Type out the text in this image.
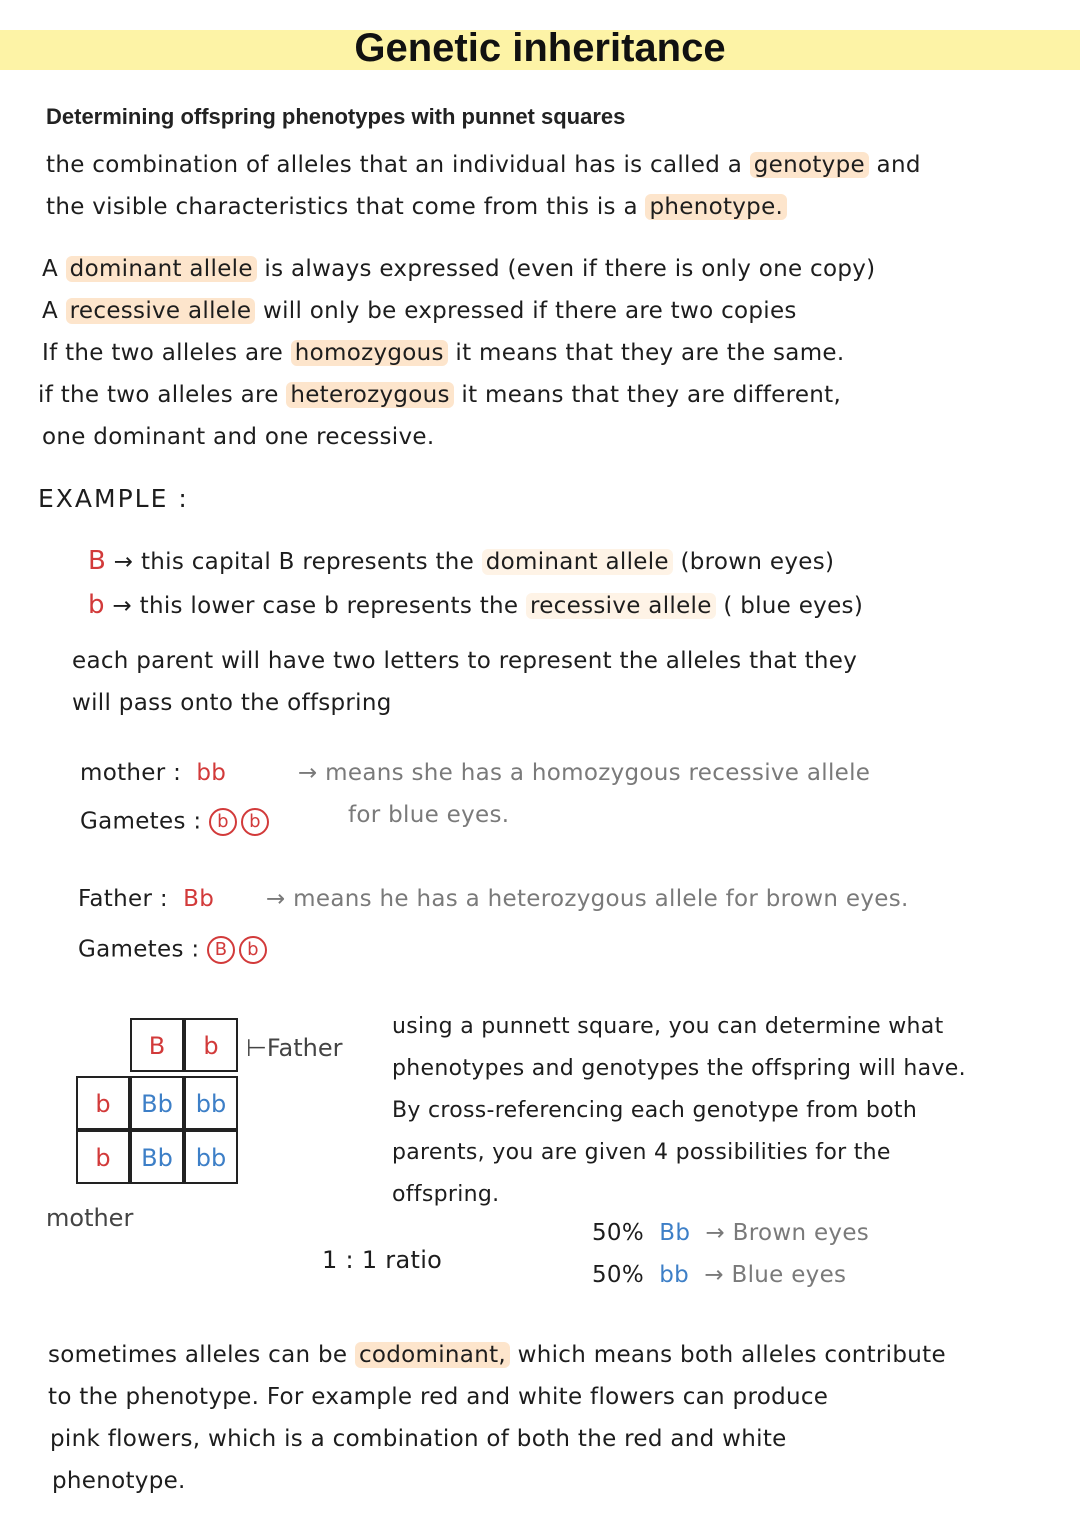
Genetic inheritance
Determining offspring phenotypes with punnet squares
the combination of alleles that an individual has is called a genotype and
the visible characteristics that come from this is a phenotype.
A dominant allele is always expressed (even if there is only one copy)
A recessive allele will only be expressed if there are two copies
If the two alleles are homozygous it means that they are the same.
if the two alleles are heterozygous it means that they are different,
one dominant and one recessive.
EXAMPLE :
B → this capital B represents the dominant allele (brown eyes)
b → this lower case b represents the recessive allele ( blue eyes)
each parent will have two letters to represent the alleles that they
will pass onto the offspring
mother : bb	→ means she has a homozygous recessive allele
for blue eyes.
Gametes : b b
Father : Bb → means he has a heterozygous allele for brown eyes.
Gametes : B b
B	b
b
b
Bb bb
Bb bb
⊢Father
mother
using a punnett square, you can determine what
phenotypes and genotypes the offspring will have.
By cross-referencing each genotype from both
parents, you are given 4 possibilities for the
offspring.
1 : 1 ratio
50% Bb → Brown eyes
50% bb → Blue eyes
sometimes alleles can be codominant, which means both alleles contribute
to the phenotype. For example red and white flowers can produce
pink flowers, which is a combination of both the red and white
phenotype.
